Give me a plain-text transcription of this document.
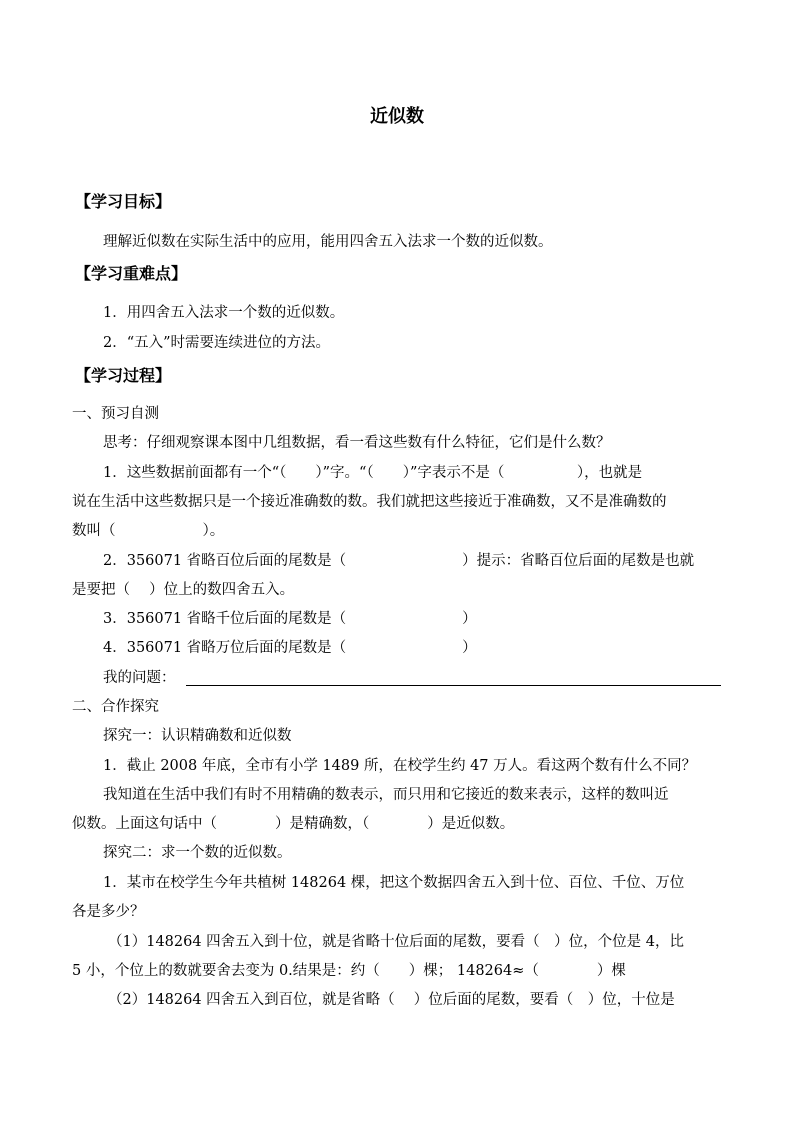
近似数
【学习目标】
理解近似数在实际生活中的应用，能用四舍五入法求一个数的近似数。
【学习重难点】
1．用四舍五入法求一个数的近似数。
2．“五入”时需要连续进位的方法。
【学习过程】
一、预习自测
思考：仔细观察课本图中几组数据，看一看这些数有什么特征，它们是什么数？
1．这些数据前面都有一个“（　　）”字。“（　　）”字表示不是（　　　　　），也就是
说在生活中这些数据只是一个接近准确数的数。我们就把这些接近于准确数，又不是准确数的
数叫（　　　　　　）。
2．356071 省略百位后面的尾数是（　　　　　　　　）提示：省略百位后面的尾数是也就
是要把（　 ）位上的数四舍五入。
3．356071 省略千位后面的尾数是（　　　　　　　　）
4．356071 省略万位后面的尾数是（　　　　　　　　）
我的问题：
二、合作探究
探究一：认识精确数和近似数
1．截止 2008 年底，全市有小学 1489 所，在校学生约 47 万人。看这两个数有什么不同？
我知道在生活中我们有时不用精确的数表示，而只用和它接近的数来表示，这样的数叫近
似数。上面这句话中（　　　　）是精确数，（　　　　）是近似数。
探究二：求一个数的近似数。
1．某市在校学生今年共植树 148264 棵，把这个数据四舍五入到十位、百位、千位、万位
各是多少？
（1）148264 四舍五入到十位，就是省略十位后面的尾数，要看（　）位，个位是 4，比
5 小，个位上的数就要舍去变为 0.结果是：约（　　）棵； 148264≈（　　　　）棵
（2）148264 四舍五入到百位，就是省略（　 ）位后面的尾数，要看（　）位，十位是
